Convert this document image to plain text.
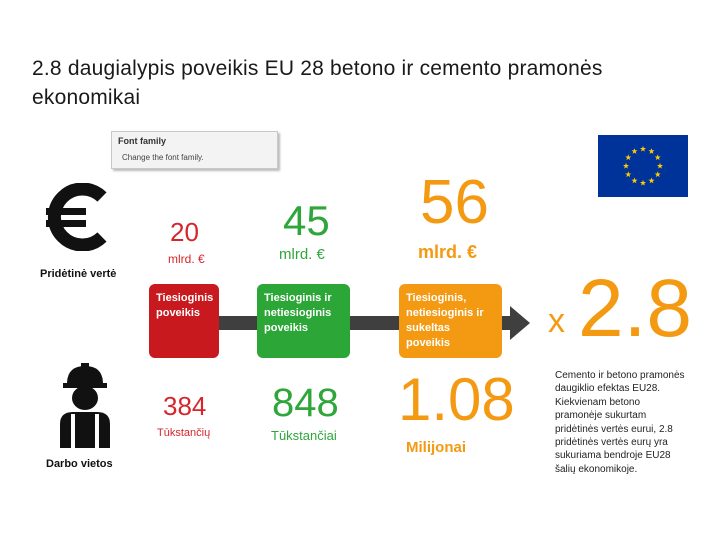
2.8 daugialypis poveikis EU 28 betono ir cemento pramonės ekonomikai
Font family
Change the font family.
Pridėtinė vertė
Darbo vietos
20
mlrd. €
45
mlrd. €
56
mlrd. €
Tiesioginis poveikis
Tiesioginis ir netiesioginis poveikis
Tiesioginis, netiesioginis ir sukeltas poveikis
x 2.8
384
Tūkstančių
848
Tūkstančiai
1.08
Milijonai
Cemento ir betono pramonės daugiklio efektas EU28. Kiekvienam betono pramonėje sukurtam pridėtinės vertės eurui, 2.8 pridėtinės vertės eurų yra sukuriama bendroje EU28 šalių ekonomikoje.
